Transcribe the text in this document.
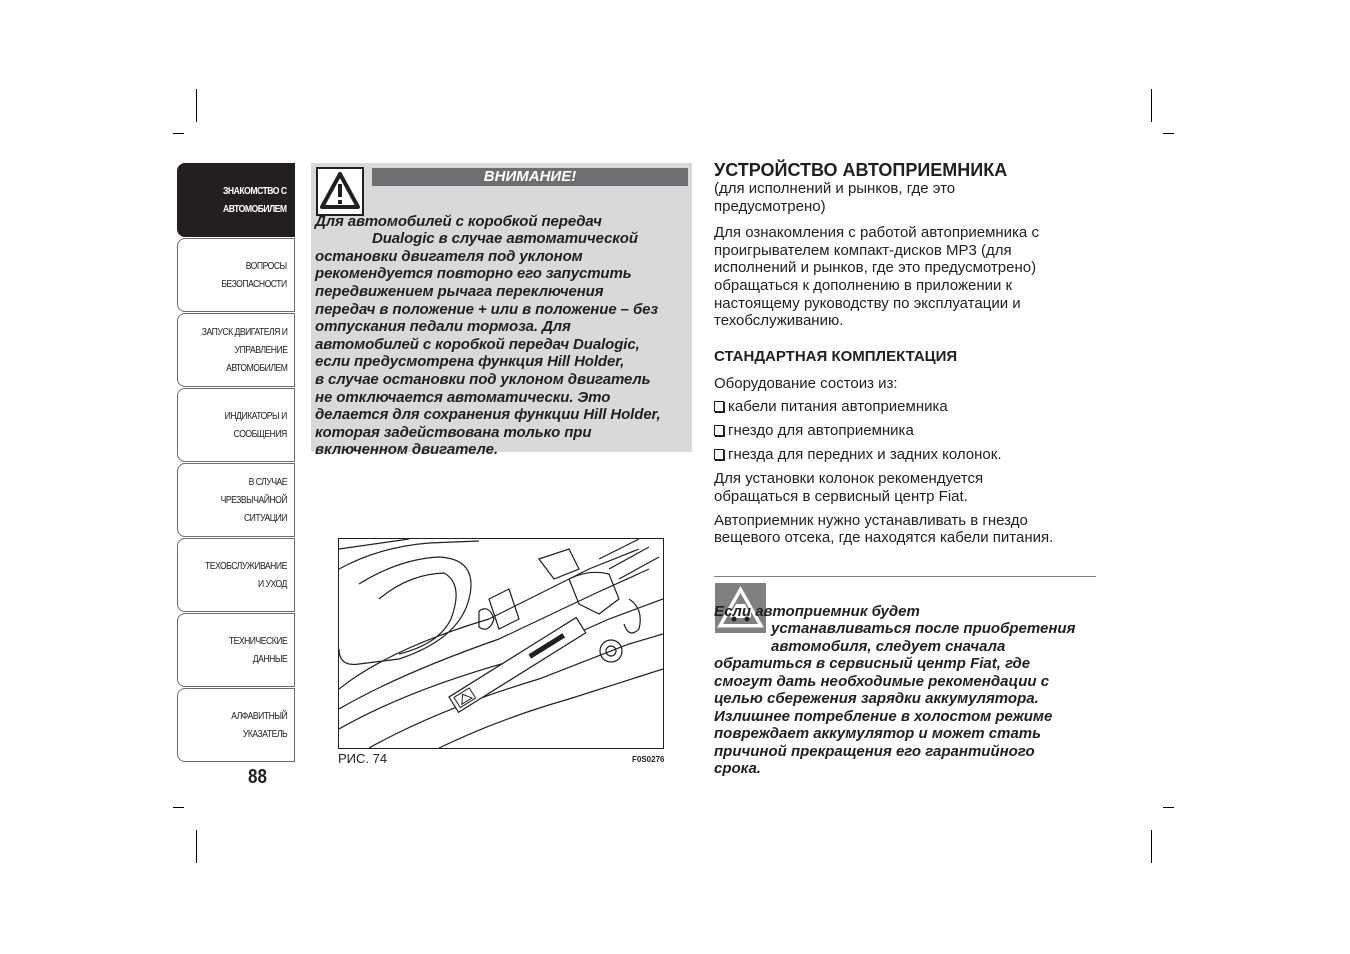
ЗНАКОМСТВО С
АВТОМОБИЛЕМ
ВОПРОСЫ
БЕЗОПАСНОСТИ
ЗАПУСК ДВИГАТЕЛЯ И
УПРАВЛЕНИЕ
АВТОМОБИЛЕМ
ИНДИКАТОРЫ И
СООБЩЕНИЯ
В СЛУЧАЕ
ЧРЕЗВЫЧАЙНОЙ
СИТУАЦИИ
ТЕХОБСЛУЖИВАНИЕ
И УХОД
ТЕХНИЧЕСКИЕ
ДАННЫЕ
АЛФАВИТНЫЙ
УКАЗАТЕЛЬ
88
ВНИМАНИЕ!
Для автомобилей с коробкой передач
Dualogic в случае автоматической
остановки двигателя под уклоном
рекомендуется повторно его запустить
передвижением рычага переключения
передач в положение + или в положение – без
отпускания педали тормоза. Для
автомобилей с коробкой передач Dualogic,
если предусмотрена функция Hill Holder,
в случае остановки под уклоном двигатель
не отключается автоматически. Это
делается для сохранения функции Hill Holder,
которая задействована только при
включенном двигателе.
РИС. 74	F0S0276
УСТРОЙСТВО АВТОПРИЕМНИКА

(для исполнений и рынков, где это
предусмотрено)

Для ознакомления с работой автоприемника с
проигрывателем компакт-дисков MP3 (для
исполнений и рынков, где это предусмотрено)
обращаться к дополнению в приложении к
настоящему руководству по эксплуатации и
техобслуживанию.

СТАНДАРТНАЯ КОМПЛЕКТАЦИЯ

Оборудование состоиз из:

кабели питания автоприемника

гнездо для автоприемника

гнезда для передних и задних колонок.

Для установки колонок рекомендуется
обращаться в сервисный центр Fiat.

Автоприемник нужно устанавливать в гнездо
вещевого отсека, где находятся кабели питания.

Если автоприемник будет
устанавливаться после приобретения
автомобиля, следует сначала
обратиться в сервисный центр Fiat, где
смогут дать необходимые рекомендации с
целью сбережения зарядки аккумулятора.
Излишнее потребление в холостом режиме
повреждает аккумулятор и может стать
причиной прекращения его гарантийного
срока.
